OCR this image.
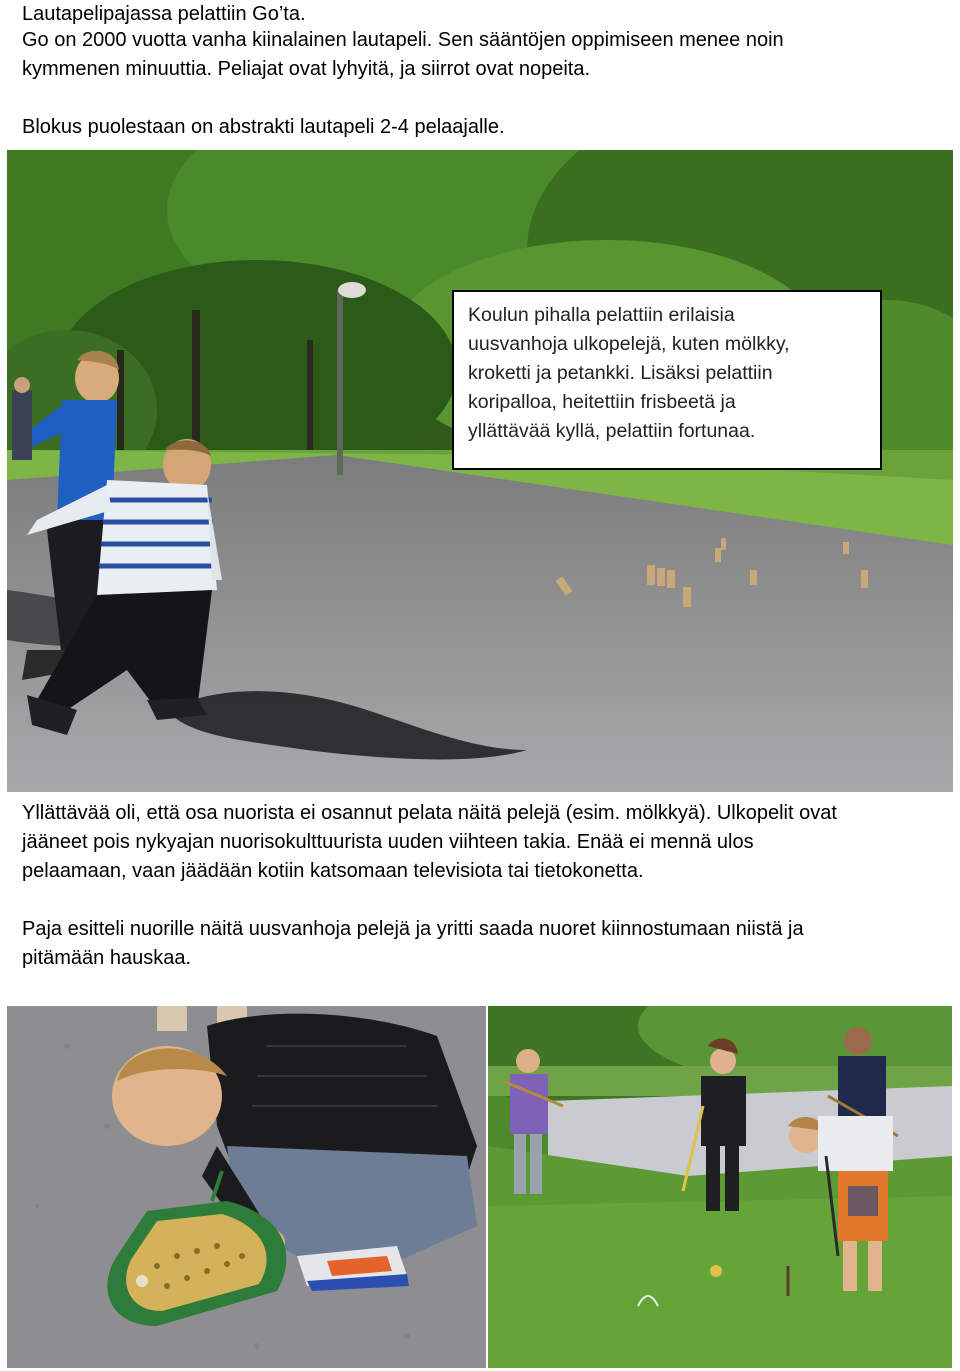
Lautapelipajassa pelattiin Go’ta.

Go on 2000 vuotta vanha kiinalainen lautapeli. Sen sääntöjen oppimiseen menee noin

kymmenen minuuttia. Peliajat ovat lyhyitä, ja siirrot ovat nopeita.

Blokus puolestaan on abstrakti lautapeli 2-4 pelaajalle.

Koulun pihalla pelattiin erilaisia
uusvanhoja ulkopelejä, kuten mölkky,
kroketti ja petankki. Lisäksi pelattiin
koripalloa, heitettiin frisbeetä ja
yllättävää kyllä, pelattiin fortunaa.

Yllättävää oli, että osa nuorista ei osannut pelata näitä pelejä (esim. mölkkyä). Ulkopelit ovat

jääneet pois nykyajan nuorisokulttuurista uuden viihteen takia. Enää ei mennä ulos

pelaamaan, vaan jäädään kotiin katsomaan televisiota tai tietokonetta.

Paja esitteli nuorille näitä uusvanhoja pelejä ja yritti saada nuoret kiinnostumaan niistä ja

pitämään hauskaa.
